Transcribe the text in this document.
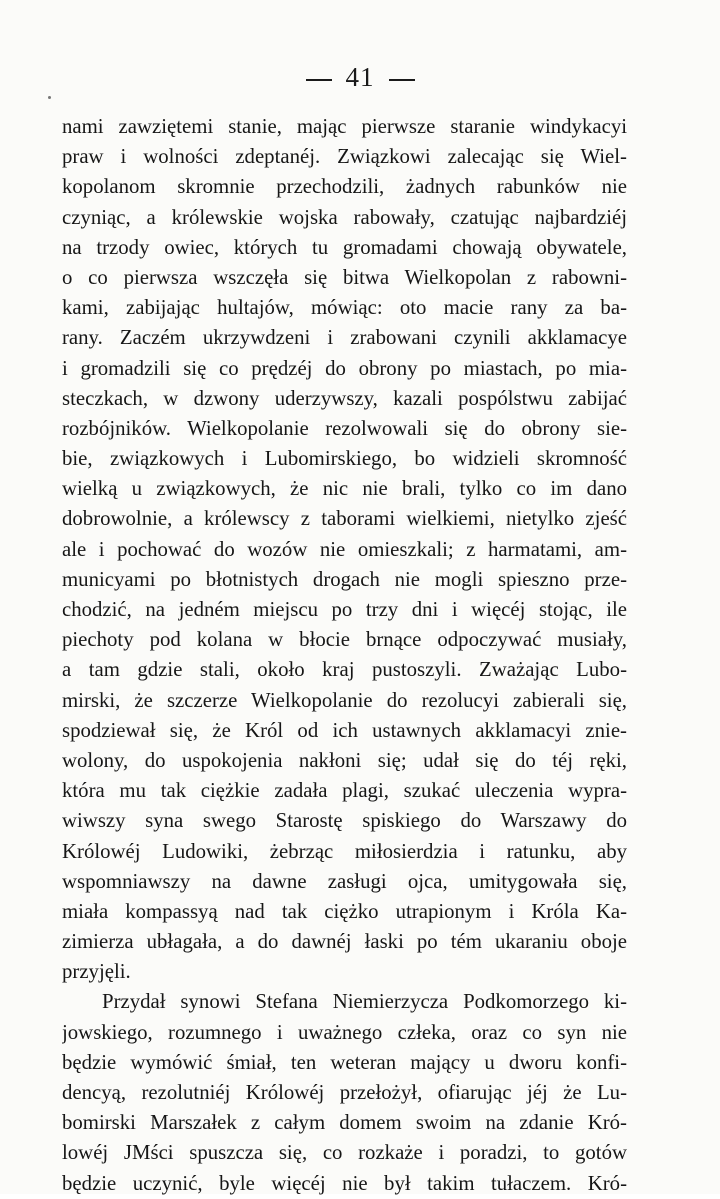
41
nami zawziętemi stanie, mając pierwsze staranie windykacyi
praw i wolności zdeptanéj. Związkowi zalecając się Wiel-
kopolanom skromnie przechodzili, żadnych rabunków nie
czyniąc, a królewskie wojska rabowały, czatując najbardziéj
na trzody owiec, których tu gromadami chowają obywatele,
o co pierwsza wszczęła się bitwa Wielkopolan z rabowni-
kami, zabijając hultajów, mówiąc: oto macie rany za ba-
rany. Zaczém ukrzywdzeni i zrabowani czynili akklamacye
i gromadzili się co prędzéj do obrony po miastach, po mia-
steczkach, w dzwony uderzywszy, kazali pospólstwu zabijać
rozbójników. Wielkopolanie rezolwowali się do obrony sie-
bie, związkowych i Lubomirskiego, bo widzieli skromność
wielką u związkowych, że nic nie brali, tylko co im dano
dobrowolnie, a królewscy z taborami wielkiemi, nietylko zjeść
ale i pochować do wozów nie omieszkali; z harmatami, am-
municyami po błotnistych drogach nie mogli spiesznо prze-
chodzić, na jedném miejscu po trzy dni i więcéj stojąc, ile
piechoty pod kolana w błocie brnące odpoczywać musiały,
a tam gdzie stali, około kraj pustoszyli. Zważając Lubo-
mirski, że szczerze Wielkopolanie do rezolucyi zabierali się,
spodziewał się, że Król od ich ustawnych akklamacyi znie-
wolony, do uspokojenia nakłoni się; udał się do téj ręki,
która mu tak ciężkie zadała plagi, szukać uleczenia wypra-
wiwszy syna swego Starostę spiskiego do Warszawy do
Królowéj Ludowiki, żebrząc miłosierdzia i ratunku, aby
wspomniawszy na dawne zasługi ojca, umitygowała się,
miała kompassyą nad tak ciężko utrapionym i Króla Ka-
zimierza ubłagała, a do dawnéj łaski po tém ukaraniu oboje
przyjęli.
Przydał synowi Stefana Niemierzycza Podkomorzego ki-
jowskiego, rozumnego i uważnego człeka, oraz co syn nie
będzie wymówić śmiał, ten weteran mający u dworu konfi-
dencyą, rezolutniéj Królowéj przełożył, ofiarując jéj że Lu-
bomirski Marszałek z całym domem swoim na zdanie Kró-
lowéj JMści spuszcza się, co rozkaże i poradzi, to gotów
będzie uczynić, byle więcéj nie był takim tułaczem. Kró-
